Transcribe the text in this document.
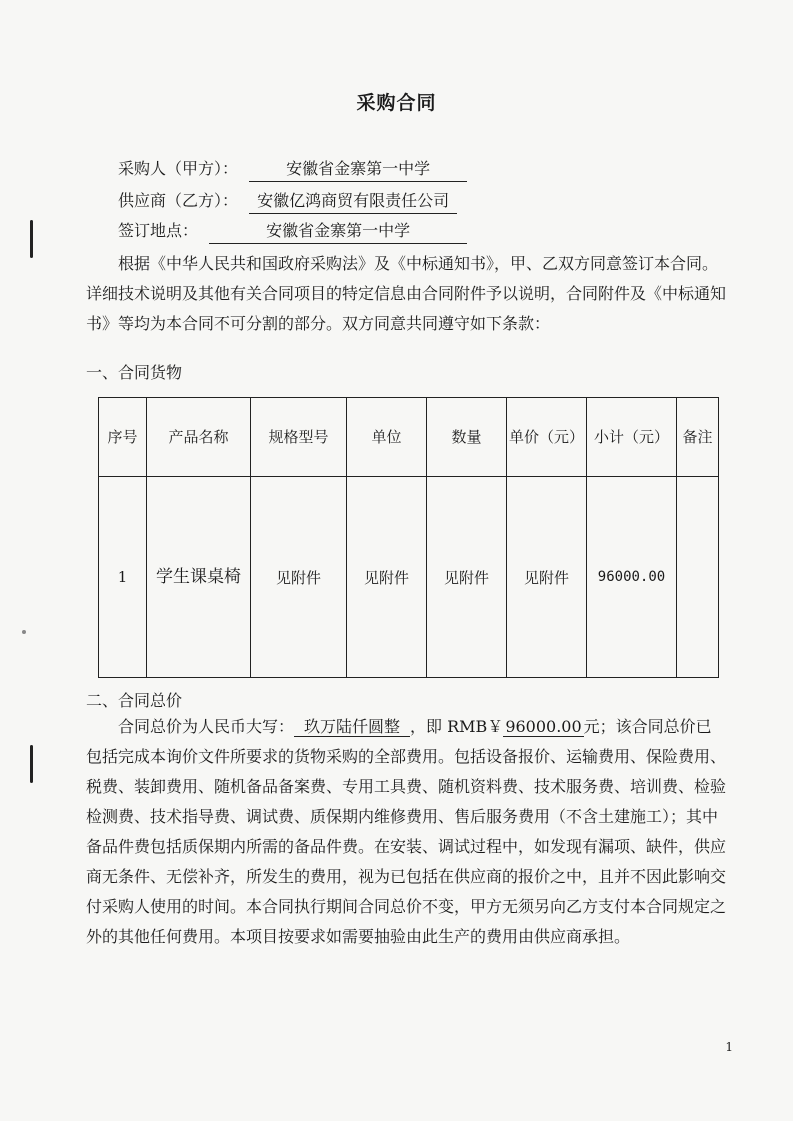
采购合同
采购人（甲方）：	安徽省金寨第一中学
供应商（乙方）： 安徽亿鸿商贸有限责任公司
签订地点：	安徽省金寨第一中学
根据《中华人民共和国政府采购法》及《中标通知书》，甲、乙双方同意签订本合同。详细技术说明及其他有关合同项目的特定信息由合同附件予以说明，合同附件及《中标通知书》等均为本合同不可分割的部分。双方同意共同遵守如下条款：
一、合同货物
序号	产品名称	规格型号	单位	数量	单价（元）	小计（元）	备注
1	学生课桌椅	见附件	见附件	见附件	见附件	96000.00	
二、合同总价
合同总价为人民币大写： 玖万陆仟圆整 ，即 RMB￥ 96000.00 元；该合同总价已包括完成本询价文件所要求的货物采购的全部费用。包括设备报价、运输费用、保险费用、税费、装卸费用、随机备品备案费、专用工具费、随机资料费、技术服务费、培训费、检验检测费、技术指导费、调试费、质保期内维修费用、售后服务费用（不含土建施工）；其中备品件费包括质保期内所需的备品件费。在安装、调试过程中，如发现有漏项、缺件，供应商无条件、无偿补齐，所发生的费用，视为已包括在供应商的报价之中，且并不因此影响交付采购人使用的时间。本合同执行期间合同总价不变，甲方无须另向乙方支付本合同规定之外的其他任何费用。本项目按要求如需要抽验由此生产的费用由供应商承担。
1
